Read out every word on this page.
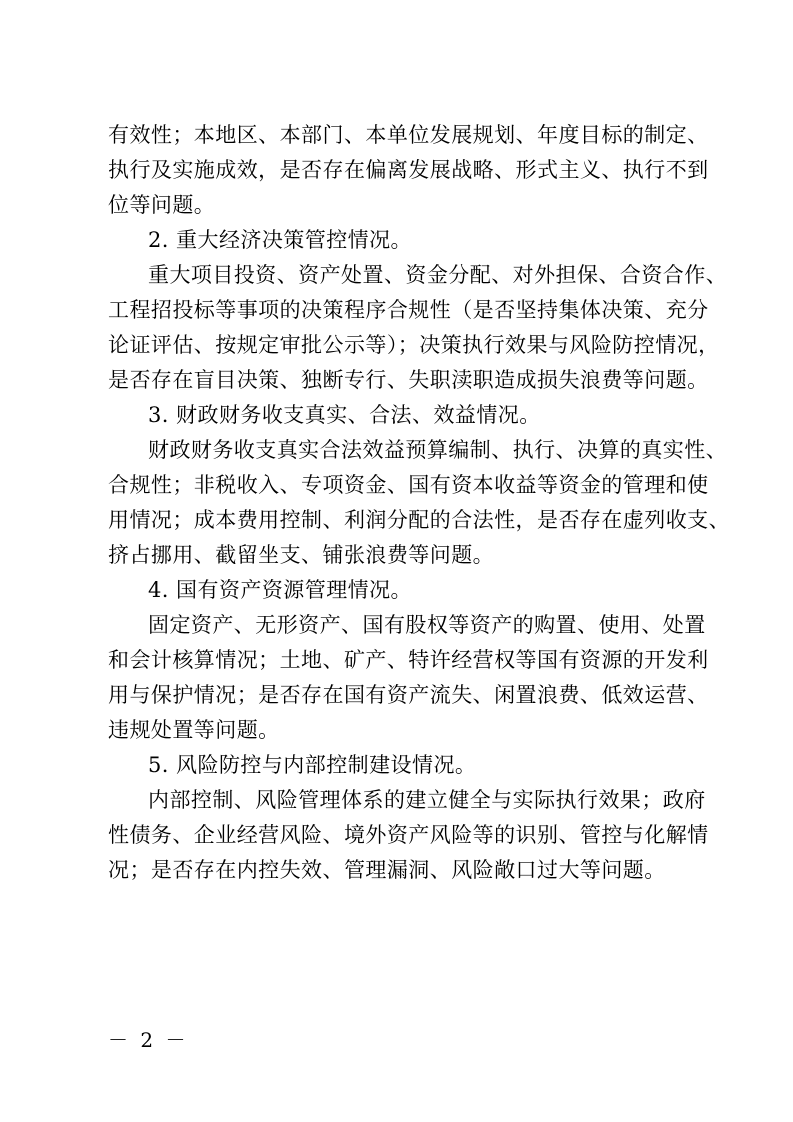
有效性；本地区、本部门、本单位发展规划、年度目标的制定、
执行及实施成效，是否存在偏离发展战略、形式主义、执行不到
位等问题。
2. 重大经济决策管控情况。
重大项目投资、资产处置、资金分配、对外担保、合资合作、
工程招投标等事项的决策程序合规性（是否坚持集体决策、充分
论证评估、按规定审批公示等）；决策执行效果与风险防控情况，
是否存在盲目决策、独断专行、失职渎职造成损失浪费等问题。
3. 财政财务收支真实、合法、效益情况。
财政财务收支真实合法效益预算编制、执行、决算的真实性、
合规性；非税收入、专项资金、国有资本收益等资金的管理和使
用情况；成本费用控制、利润分配的合法性，是否存在虚列收支、
挤占挪用、截留坐支、铺张浪费等问题。
4. 国有资产资源管理情况。
固定资产、无形资产、国有股权等资产的购置、使用、处置
和会计核算情况；土地、矿产、特许经营权等国有资源的开发利
用与保护情况；是否存在国有资产流失、闲置浪费、低效运营、
违规处置等问题。
5. 风险防控与内部控制建设情况。
内部控制、风险管理体系的建立健全与实际执行效果；政府
性债务、企业经营风险、境外资产风险等的识别、管控与化解情
况；是否存在内控失效、管理漏洞、风险敞口过大等问题。
－ 2 －
